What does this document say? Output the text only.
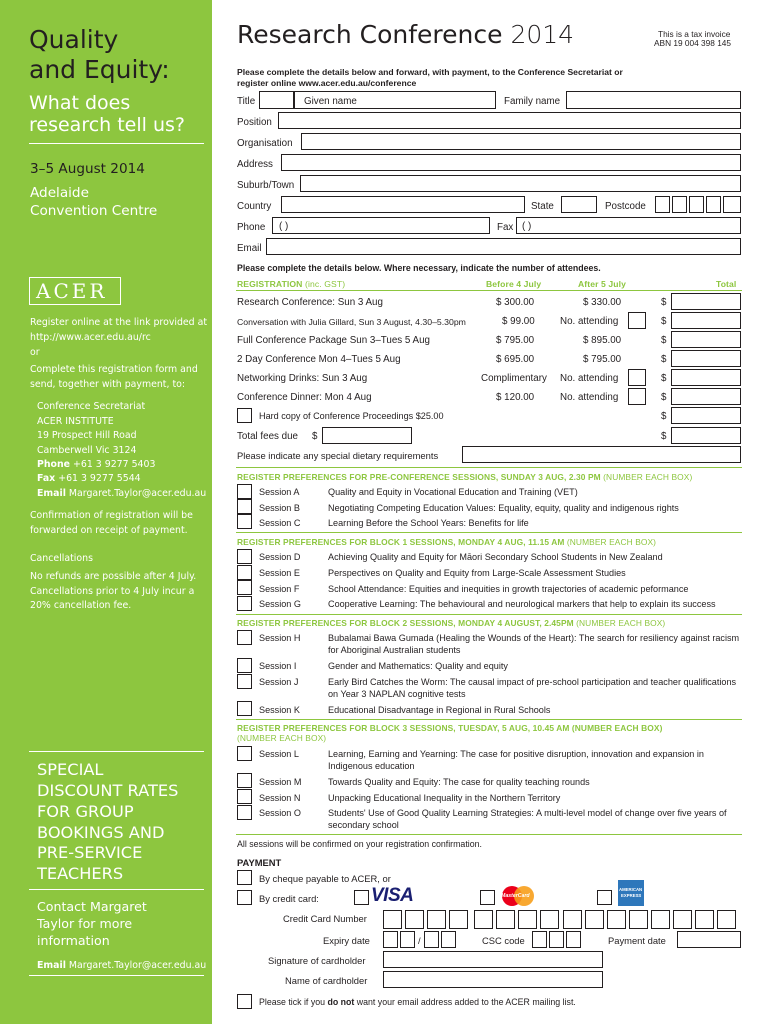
Quality
and Equity:
What does
research tell us?
3–5 August 2014
Adelaide
Convention Centre
ACER
Register online at the link provided at
http://www.acer.edu.au/rc
or
Complete this registration form and
send, together with payment, to:
Conference Secretariat
ACER INSTITUTE
19 Prospect Hill Road
Camberwell Vic 3124
Phone +61 3 9277 5403
Fax +61 3 9277 5544
Email Margaret.Taylor@acer.edu.au
Confirmation of registration will be
forwarded on receipt of payment.
Cancellations
No refunds are possible after 4 July.
Cancellations prior to 4 July incur a
20% cancellation fee.
SPECIAL
DISCOUNT RATES
FOR GROUP
BOOKINGS AND
PRE-SERVICE
TEACHERS
Contact Margaret
Taylor for more
information
Email Margaret.Taylor@acer.edu.au
Research Conference 2014	This is a tax invoice
ABN 19 004 398 145
Please complete the details below and forward, with payment, to the Conference Secretariat or
register online www.acer.edu.au/conference
Title	Given name	Family name
Position
Organisation
Address
Suburb/Town
Country	State	Postcode
Phone ( )	Fax ( )
Email
Please complete the details below. Where necessary, indicate the number of attendees.
REGISTRATION (inc. GST)	Before 4 July	After 5 July	Total
Research Conference: Sun 3 Aug	$ 300.00	$ 330.00	$
Conversation with Julia Gillard, Sun 3 August, 4.30–5.30pm	$ 99.00	No. attending	$
Full Conference Package Sun 3–Tues 5 Aug	$ 795.00	$ 895.00	$
2 Day Conference Mon 4–Tues 5 Aug	$ 695.00	$ 795.00	$
Networking Drinks: Sun 3 Aug	Complimentary No. attending	$
Conference Dinner: Mon 4 Aug	$ 120.00	No. attending	$
Hard copy of Conference Proceedings $25.00	$
Total fees due $	$
Please indicate any special dietary requirements
REGISTER PREFERENCES FOR PRE-CONFERENCE SESSIONS, SUNDAY 3 AUG, 2.30 PM (NUMBER EACH BOX)
Session A	Quality and Equity in Vocational Education and Training (VET)
Session B	Negotiating Competing Education Values: Equality, equity, quality and indigenous rights
Session C	Learning Before the School Years: Benefits for life
REGISTER PREFERENCES FOR BLOCK 1 SESSIONS, MONDAY 4 AUG, 11.15 AM (NUMBER EACH BOX)
Session D	Achieving Quality and Equity for Māori Secondary School Students in New Zealand
Session E	Perspectives on Quality and Equity from Large-Scale Assessment Studies
Session F	School Attendance: Equities and inequities in growth trajectories of academic peformance
Session G	Cooperative Learning: The behavioural and neurological markers that help to explain its success
REGISTER PREFERENCES FOR BLOCK 2 SESSIONS, MONDAY 4 AUGUST, 2.45PM (NUMBER EACH BOX)
Session H	Bubalamai Bawa Gumada (Healing the Wounds of the Heart): The search for resiliency against racism for Aboriginal Australian students
Session I	Gender and Mathematics: Quality and equity
Session J	Early Bird Catches the Worm: The causal impact of pre-school participation and teacher qualifications on Year 3 NAPLAN cognitive tests
Session K	Educational Disadvantage in Regional in Rural Schools
REGISTER PREFERENCES FOR BLOCK 3 SESSIONS, TUESDAY, 5 AUG, 10.45 AM (NUMBER EACH BOX)
(NUMBER EACH BOX)
Session L	Learning, Earning and Yearning: The case for positive disruption, innovation and expansion in Indigenous education
Session M	Towards Quality and Equity: The case for quality teaching rounds
Session N	Unpacking Educational Inequality in the Northern Territory
Session O	Students' Use of Good Quality Learning Strategies: A multi-level model of change over five years of secondary school
All sessions will be confirmed on your registration confirmation.
PAYMENT
By cheque payable to ACER, or
By credit card:	VISA	MasterCard
AMERICAN
EXPRESS
Credit Card Number
Expiry date	/	CSC code	Payment date
Signature of cardholder
Name of cardholder
Please tick if you do not want your email address added to the ACER mailing list.
